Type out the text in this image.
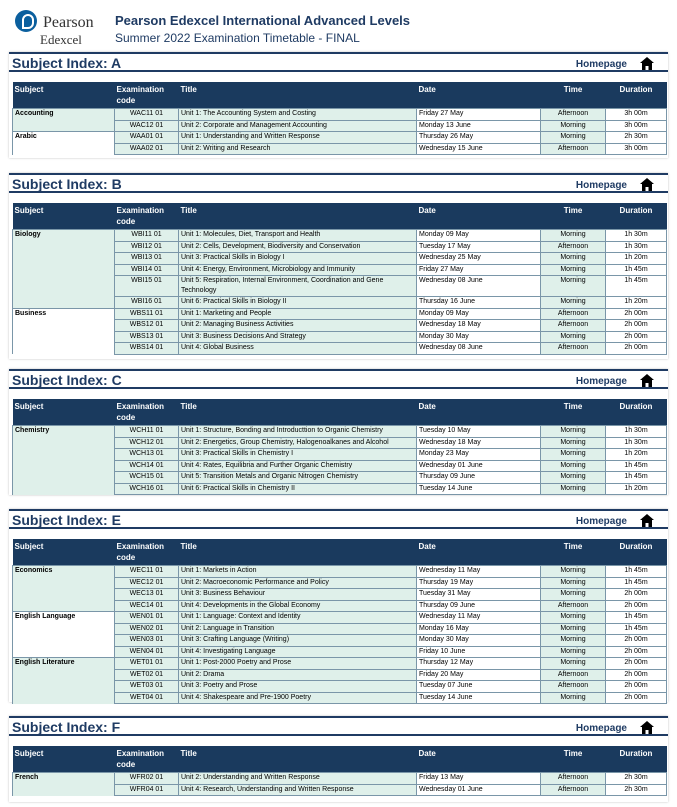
Pearson
Edexcel
Pearson Edexcel International Advanced Levels
Summer 2022 Examination Timetable - FINAL
Subject Index: A	Homepage
Subject	Examination code	Title	Date	Time	Duration
Accounting	WAC11 01	Unit 1: The Accounting System and Costing	Friday 27 May	Afternoon	3h 00m
	WAC12 01	Unit 2: Corporate and Management Accounting	Monday 13 June	Morning	3h 00m
Arabic	WAA01 01	Unit 1: Understanding and Written Response	Thursday 26 May	Morning	2h 30m
	WAA02 01	Unit 2: Writing and Research	Wednesday 15 June	Afternoon	3h 00m
Subject Index: B	Homepage
Subject	Examination code	Title	Date	Time	Duration
Biology	WBI11 01	Unit 1: Molecules, Diet, Transport and Health	Monday 09 May	Morning	1h 30m
	WBI12 01	Unit 2: Cells, Development, Biodiversity and Conservation	Tuesday 17 May	Afternoon	1h 30m
	WBI13 01	Unit 3: Practical Skills in Biology I	Wednesday 25 May	Morning	1h 20m
	WBI14 01	Unit 4: Energy, Environment, Microbiology and Immunity	Friday 27 May	Morning	1h 45m
	WBI15 01	Unit 5: Respiration, Internal Environment, Coordination and Gene Technology	Wednesday 08 June	Morning	1h 45m
	WBI16 01	Unit 6: Practical Skills in Biology II	Thursday 16 June	Morning	1h 20m
Business	WBS11 01	Unit 1: Marketing and People	Monday 09 May	Afternoon	2h 00m
	WBS12 01	Unit 2: Managing Business Activities	Wednesday 18 May	Afternoon	2h 00m
	WBS13 01	Unit 3: Business Decisions And Strategy	Monday 30 May	Morning	2h 00m
	WBS14 01	Unit 4: Global Business	Wednesday 08 June	Afternoon	2h 00m
Subject Index: C	Homepage
Subject	Examination code	Title	Date	Time	Duration
Chemistry	WCH11 01	Unit 1: Structure, Bonding and Introducttion to Organic Chemistry	Tuesday 10 May	Morning	1h 30m
	WCH12 01	Unit 2: Energetics, Group Chemistry, Halogenoalkanes and Alcohol	Wednesday 18 May	Morning	1h 30m
	WCH13 01	Unit 3: Practical Skills in Chemistry I	Monday 23 May	Morning	1h 20m
	WCH14 01	Unit 4: Rates, Equilibria and Further Organic Chemistry	Wednesday 01 June	Morning	1h 45m
	WCH15 01	Unit 5: Transition Metals and Organic Nitrogen Chemistry	Thursday 09 June	Morning	1h 45m
	WCH16 01	Unit 6: Practical Skills in Chemistry II	Tuesday 14 June	Morning	1h 20m
Subject Index: E	Homepage
Subject	Examination code	Title	Date	Time	Duration
Economics	WEC11 01	Unit 1: Markets in Action	Wednesday 11 May	Morning	1h 45m
	WEC12 01	Unit 2: Macroeconomic Performance and Policy	Thursday 19 May	Morning	1h 45m
	WEC13 01	Unit 3: Business Behaviour	Tuesday 31 May	Morning	2h 00m
	WEC14 01	Unit 4: Developments in the Global Economy	Thursday 09 June	Afternoon	2h 00m
English Language	WEN01 01	Unit 1: Language: Context and Identity	Wednesday 11 May	Morning	1h 45m
	WEN02 01	Unit 2: Language in Transition	Monday 16 May	Morning	1h 45m
	WEN03 01	Unit 3: Crafting Language (Writing)	Monday 30 May	Morning	2h 00m
	WEN04 01	Unit 4: Investigating Language	Friday 10 June	Morning	2h 00m
English Literature	WET01 01	Unit 1: Post-2000 Poetry and Prose	Thursday 12 May	Morning	2h 00m
	WET02 01	Unit 2: Drama	Friday 20 May	Afternoon	2h 00m
	WET03 01	Unit 3: Poetry and Prose	Tuesday 07 June	Afternoon	2h 00m
	WET04 01	Unit 4: Shakespeare and Pre-1900 Poetry	Tuesday 14 June	Morning	2h 00m
Subject Index: F	Homepage
Subject	Examination code	Title	Date	Time	Duration
French	WFR02 01	Unit 2: Understanding and Written Response	Friday 13 May	Afternoon	2h 30m
	WFR04 01	Unit 4: Research, Understanding and Written Response	Wednesday 01 June	Afternoon	2h 30m
